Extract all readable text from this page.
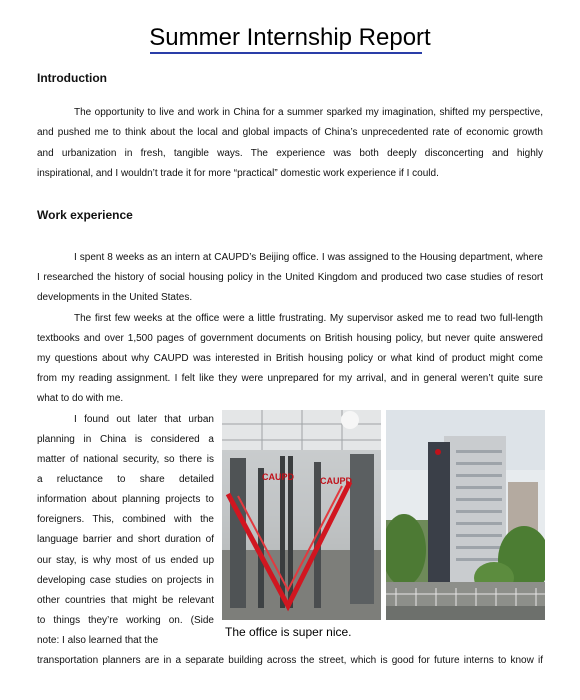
Summer Internship Report
Introduction
The opportunity to live and work in China for a summer sparked my imagination, shifted my perspective,
and pushed me to think about the local and global impacts of China’s unprecedented rate of economic growth
and urbanization in fresh, tangible ways. The experience was both deeply disconcerting and highly
inspirational, and I wouldn’t trade it for more “practical” domestic work experience if I could.
Work experience
I spent 8 weeks as an intern at CAUPD’s Beijing office. I was assigned to the Housing department, where
I researched the history of social housing policy in the United Kingdom and produced two case studies of resort
developments in the United States.
The first few weeks at the office were a little frustrating. My supervisor asked me to read two full-length
textbooks and over 1,500 pages of government documents on British housing policy, but never quite answered
my questions about why CAUPD was interested in British housing policy or what kind of product might come
from my reading assignment. I felt like they were unprepared for my arrival, and in general weren’t quite sure
what to do with me.
I found out later that urban
planning in China is considered a
matter of national security, so there is
a reluctance to share detailed
information about planning projects to
foreigners. This, combined with the
language barrier and short duration of
our stay, is why most of us ended up
developing case studies on projects in
other countries that might be relevant
to things they’re working on. (Side
note: I also learned that the
transportation planners are in a separate building across the street, which is good for future interns to know if
CAUPD	CAUPD
The office is super nice.
